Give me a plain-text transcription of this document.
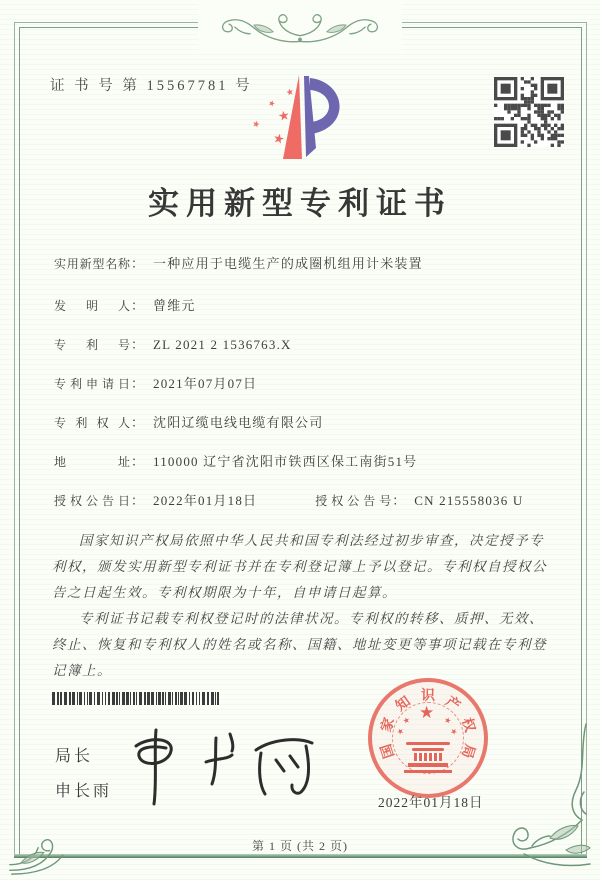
证 书 号 第 15567781 号	★
★
★
★
★
实用新型专利证书
实用新型名称： 一种应用于电缆生产的成圈机组用计米装置
发明人： 曾维元
专利号： ZL 2021 2 1536763.X
专利申请日： 2021年07月07日
专利权人： 沈阳辽缆电线电缆有限公司
地址： 110000 辽宁省沈阳市铁西区保工南街51号
授权公告日： 2022年01月18日	授权公告号： CN 215558036 U

国家知识产权局依照中华人民共和国专利法经过初步审查，决定授予专利权，颁发实用新型专利证书并在专利登记簿上予以登记。专利权自授权公告之日起生效。专利权期限为十年，自申请日起算。

专利证书记载专利权登记时的法律状况。专利权的转移、质押、无效、终止、恢复和专利权人的姓名或名称、国籍、地址变更等事项记载在专利登记簿上。

局长
申长雨
★
★
★
★
★
国
家
知 识 产
权
局
2022年01月18日
第 1 页 (共 2 页)
